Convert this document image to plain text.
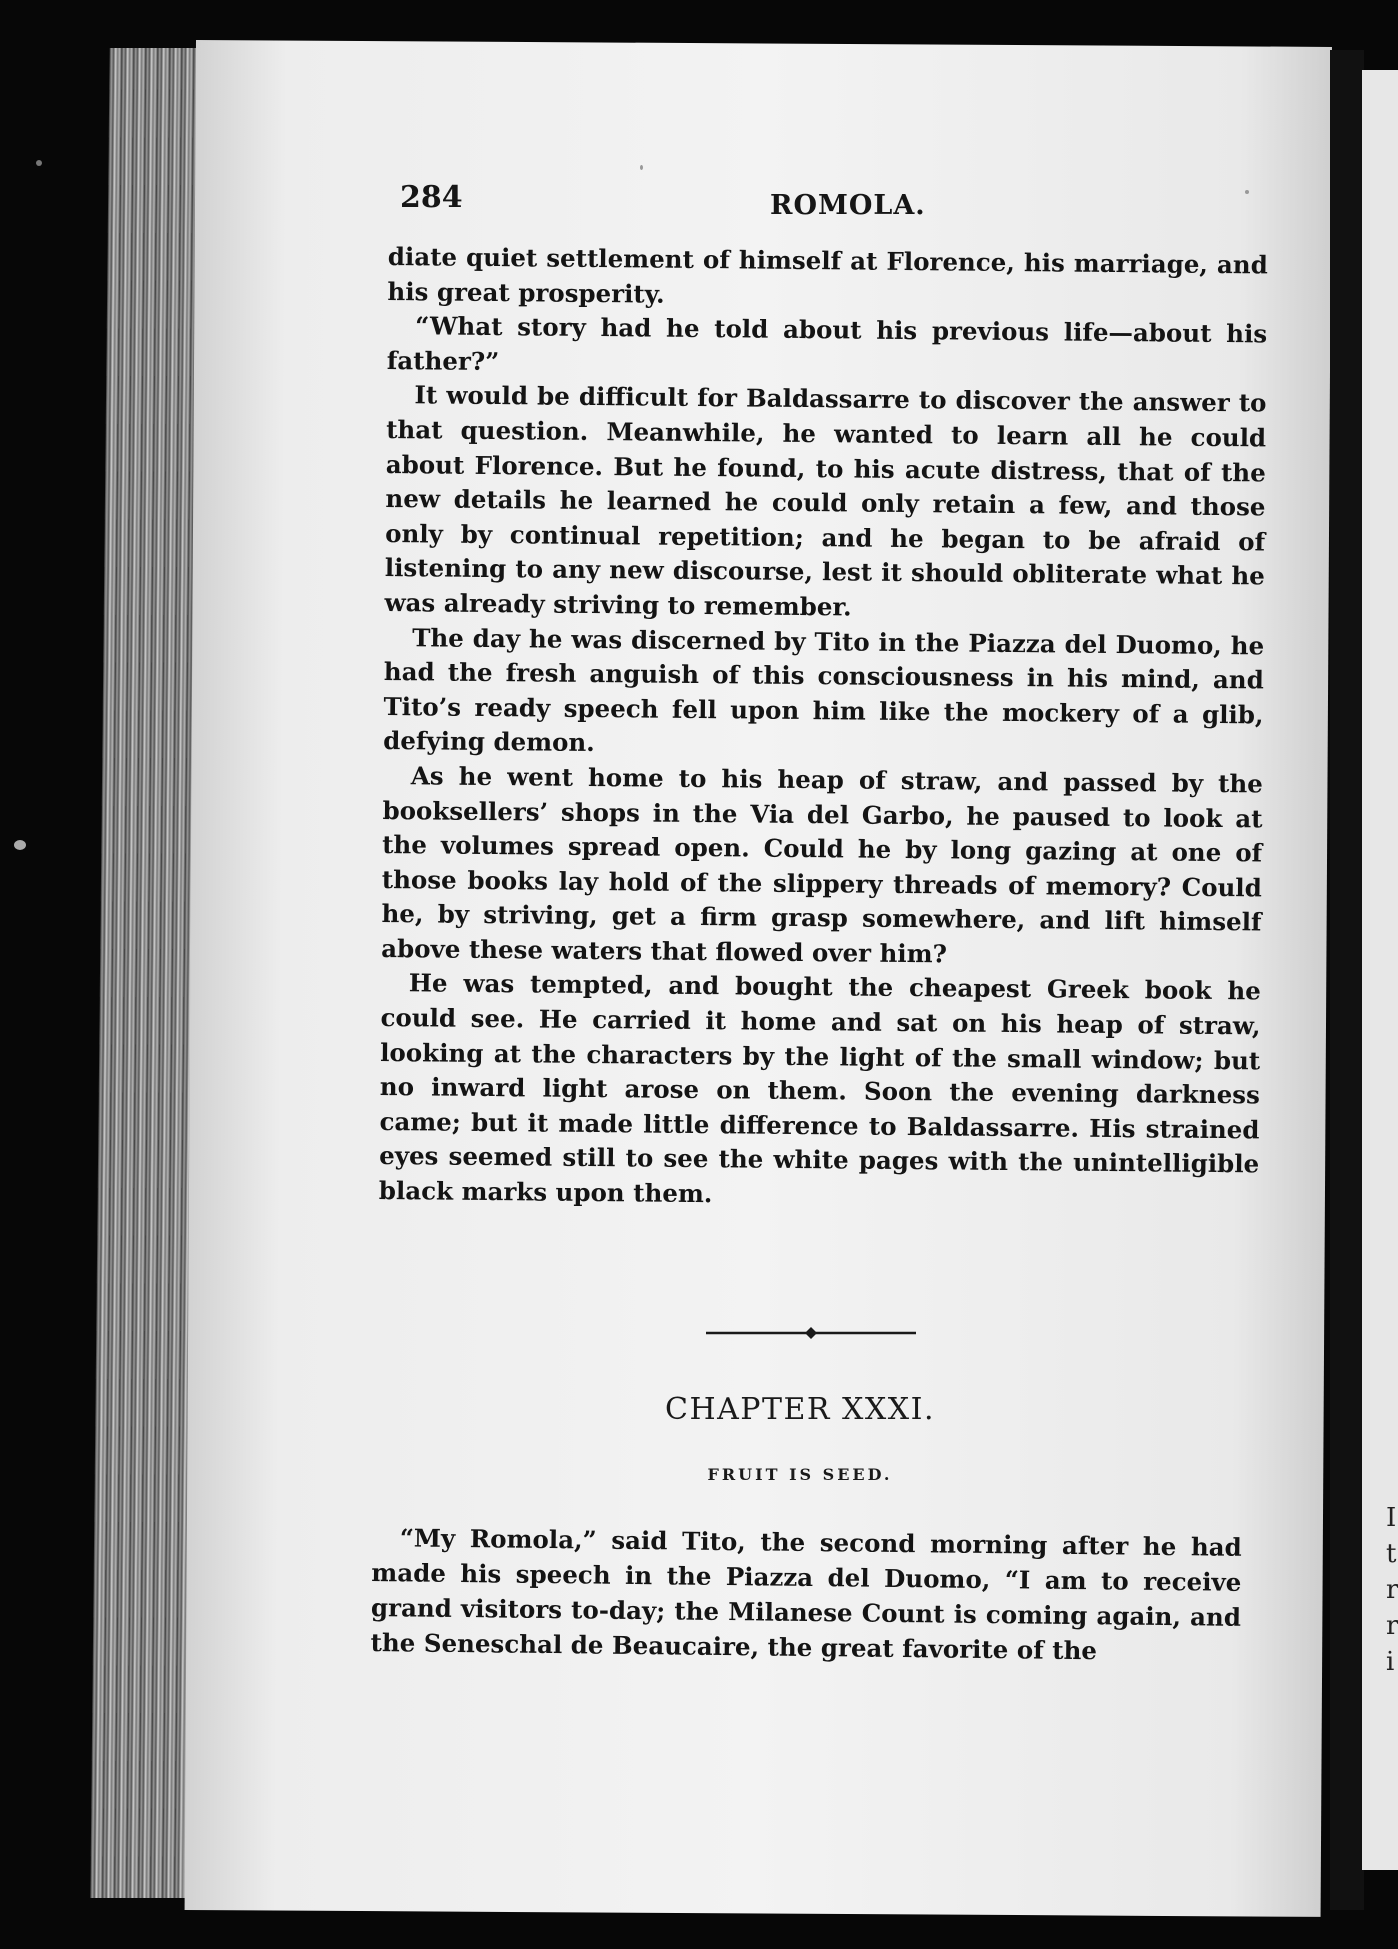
284	ROMOLA.

diate quiet settlement of himself at Florence, his marriage, and his great prosperity.

“What story had he told about his previous life—about his father?”

It would be difficult for Baldassarre to discover the answer to that question. Meanwhile, he wanted to learn all he could about Florence. But he found, to his acute distress, that of the new details he learned he could only retain a few, and those only by continual repetition; and he began to be afraid of listening to any new discourse, lest it should obliterate what he was already striving to remember.

The day he was discerned by Tito in the Piazza del Duomo, he had the fresh anguish of this consciousness in his mind, and Tito’s ready speech fell upon him like the mockery of a glib, defying demon.

As he went home to his heap of straw, and passed by the booksellers’ shops in the Via del Garbo, he paused to look at the volumes spread open. Could he by long gazing at one of those books lay hold of the slippery threads of memory? Could he, by striving, get a firm grasp somewhere, and lift himself above these waters that flowed over him?

He was tempted, and bought the cheapest Greek book he could see. He carried it home and sat on his heap of straw, looking at the characters by the light of the small window; but no inward light arose on them. Soon the evening darkness came; but it made little difference to Baldassarre. His strained eyes seemed still to see the white pages with the unintelligible black marks upon them.

CHAPTER XXXI.
FRUIT IS SEED.

“My Romola,” said Tito, the second morning after he had made his speech in the Piazza del Duomo, “I am to receive grand visitors to-day; the Milanese Count is coming again, and the Seneschal de Beaucaire, the great favorite of the

I
t
r
r
i
